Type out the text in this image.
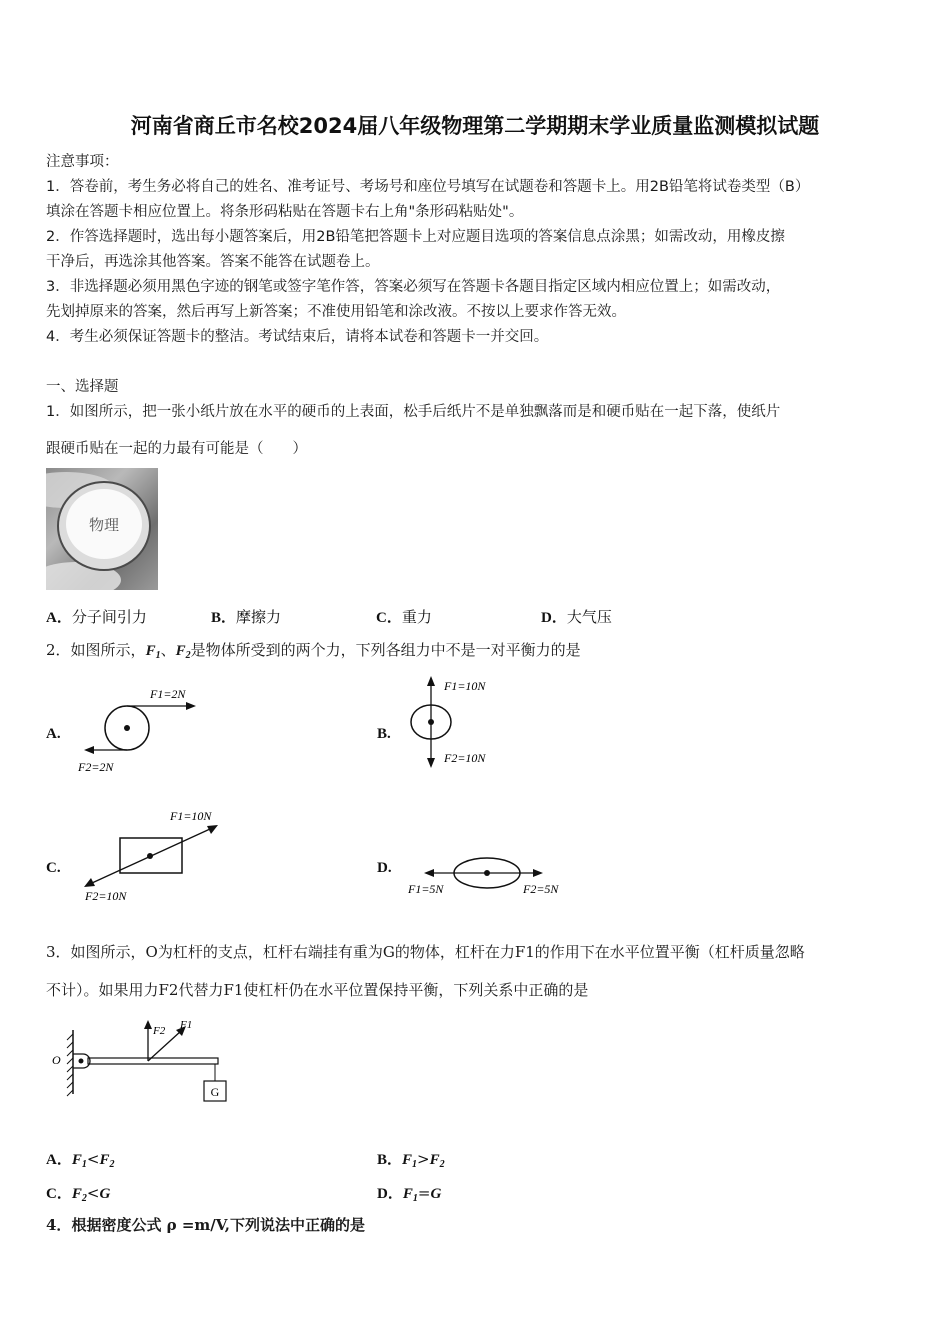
河南省商丘市名校2024届八年级物理第二学期期末学业质量监测模拟试题
注意事项：
1．答卷前，考生务必将自己的姓名、准考证号、考场号和座位号填写在试题卷和答题卡上。用2B铅笔将试卷类型（B）
填涂在答题卡相应位置上。将条形码粘贴在答题卡右上角"条形码粘贴处"。
2．作答选择题时，选出每小题答案后，用2B铅笔把答题卡上对应题目选项的答案信息点涂黑；如需改动，用橡皮擦
干净后，再选涂其他答案。答案不能答在试题卷上。
3．非选择题必须用黑色字迹的钢笔或签字笔作答，答案必须写在答题卡各题目指定区域内相应位置上；如需改动，
先划掉原来的答案，然后再写上新答案；不准使用铅笔和涂改液。不按以上要求作答无效。
4．考生必须保证答题卡的整洁。考试结束后，请将本试卷和答题卡一并交回。
一、选择题
1．如图所示，把一张小纸片放在水平的硬币的上表面，松手后纸片不是单独飘落而是和硬币贴在一起下落，使纸片
跟硬币贴在一起的力最有可能是（　　）
物理
A．分子间引力	B．摩擦力	C．重力	D．大气压
2．如图所示，$F_1$、$F_2$是物体所受到的两个力，下列各组力中不是一对平衡力的是
A.
F1=2N
F2=2N
B.
F1=10N
F2=10N
C.
F1=10N
F2=10N
D.
F1=5N	F2=5N
3．如图所示，O为杠杆的支点，杠杆右端挂有重为G的物体，杠杆在力F1的作用下在水平位置平衡（杠杆质量忽略
不计）。如果用力F2代替力F1使杠杆仍在水平位置保持平衡，下列关系中正确的是
G
O
F2 F1
A．$F_1<F_2$	B．$F_1>F_2$
C．$F_2<G$	D．$F_1=G$
4．根据密度公式 ρ =m/V,下列说法中正确的是
